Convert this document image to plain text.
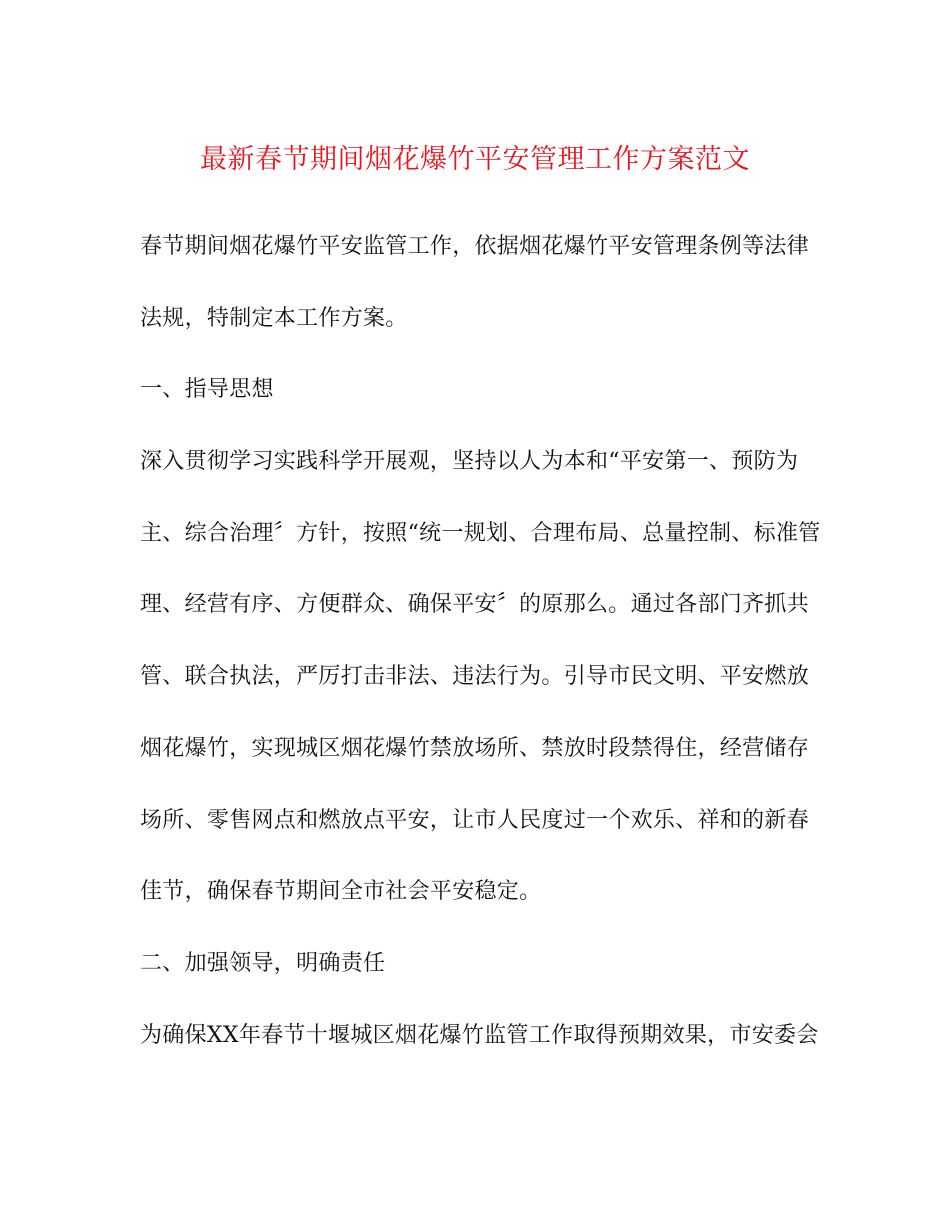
最新春节期间烟花爆竹平安管理工作方案范文
春节期间烟花爆竹平安监管工作，依据烟花爆竹平安管理条例等法律
法规，特制定本工作方案。
一、指导思想
深入贯彻学习实践科学开展观，坚持以人为本和“平安第一、预防为
主、综合治理〞方针，按照“统一规划、合理布局、总量控制、标准管
理、经营有序、方便群众、确保平安〞的原那么。通过各部门齐抓共
管、联合执法，严厉打击非法、违法行为。引导市民文明、平安燃放
烟花爆竹，实现城区烟花爆竹禁放场所、禁放时段禁得住，经营储存
场所、零售网点和燃放点平安，让市人民度过一个欢乐、祥和的新春
佳节，确保春节期间全市社会平安稳定。
二、加强领导，明确责任
为确保XX年春节十堰城区烟花爆竹监管工作取得预期效果，市安委会
